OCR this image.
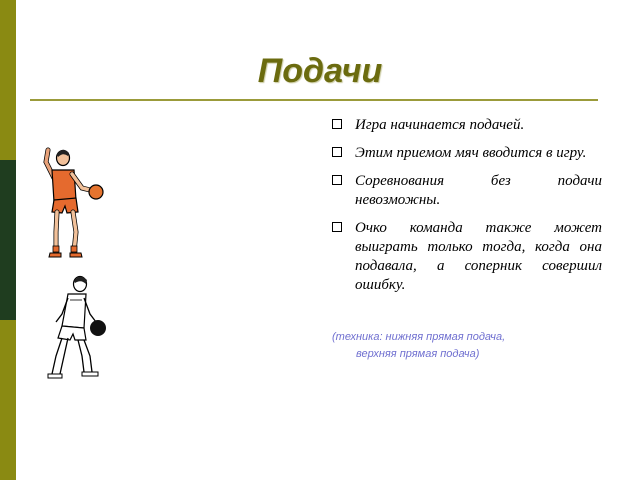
Подачи
Игра начинается подачей.
Этим приемом мяч вводится в игру.
Соревнования без подачи невозможны.
Очко команда также может выиграть только тогда, когда она подавала, а соперник совершил ошибку.
(техника: нижняя прямая подача,
верхняя прямая подача)
